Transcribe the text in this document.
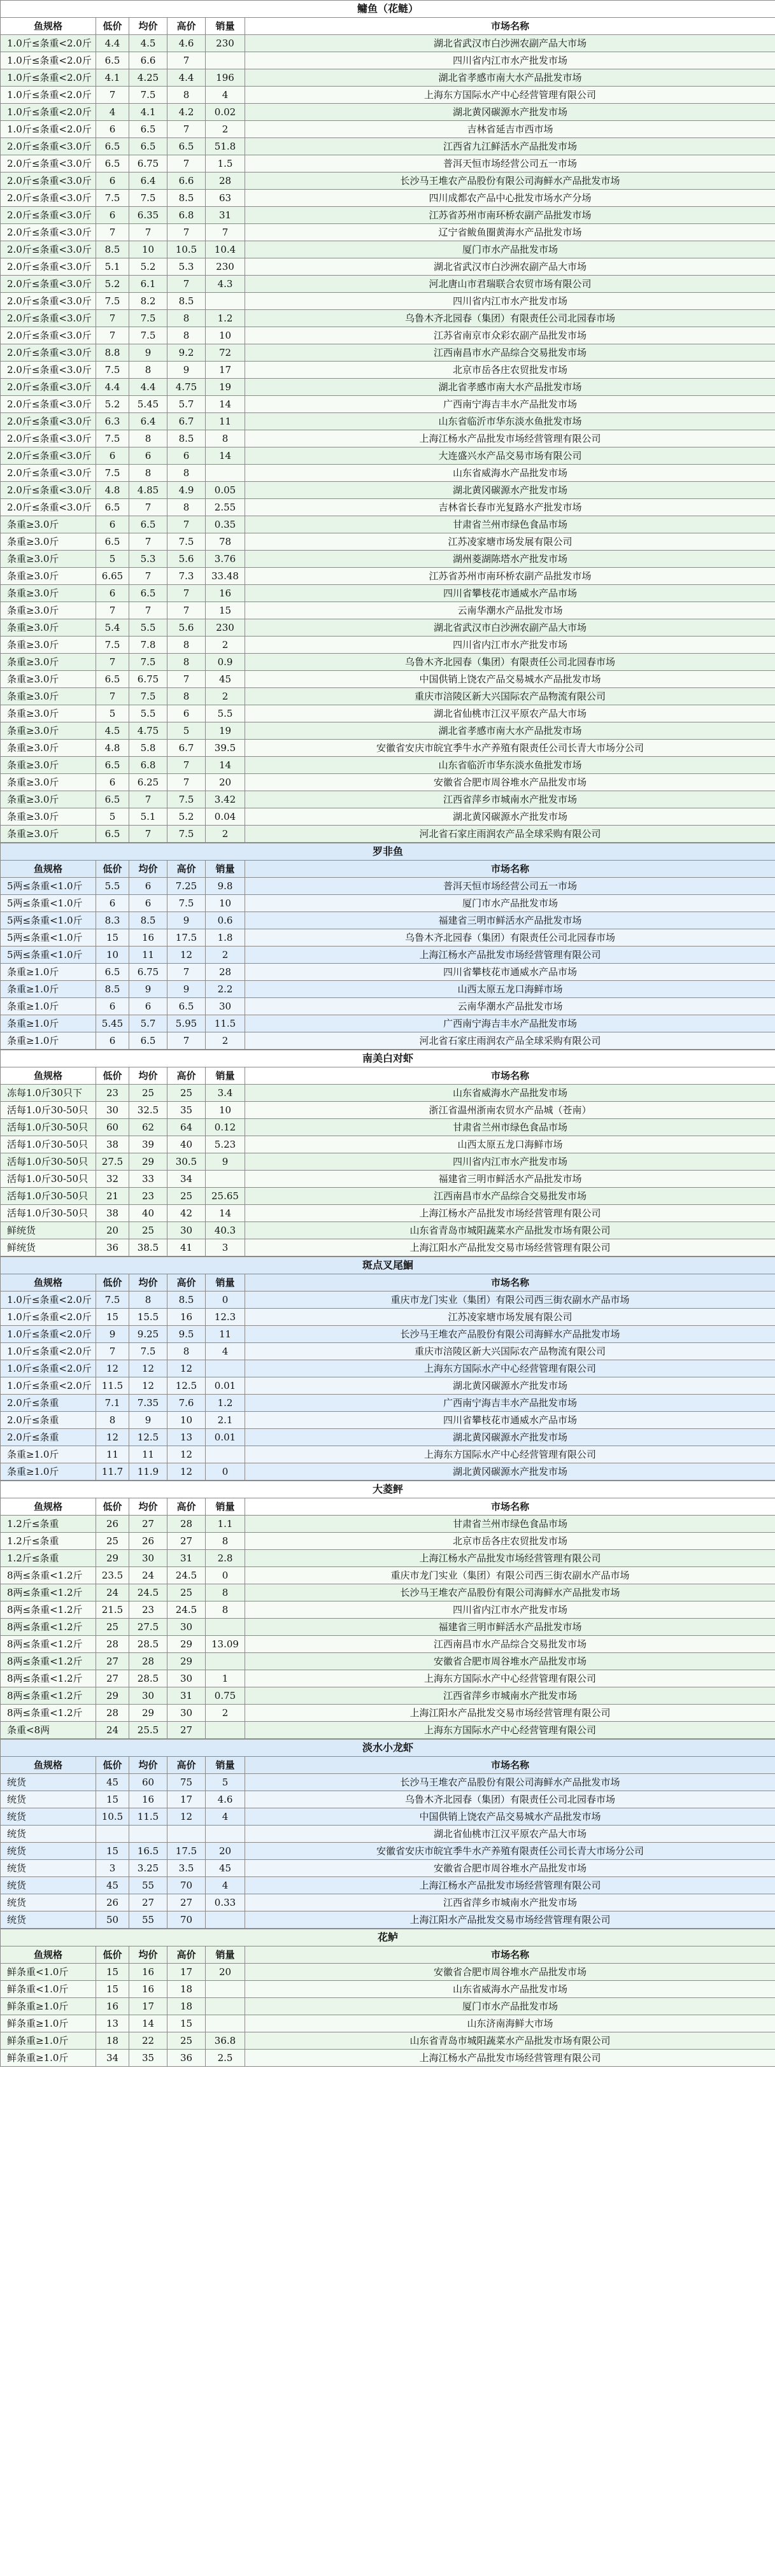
鳙鱼（花鲢）					
鱼规格	低价	均价	高价	销量	市场名称
1.0斤≤条重<2.0斤	4.4	4.5	4.6	230	湖北省武汉市白沙洲农副产品大市场
1.0斤≤条重<2.0斤	6.5	6.6	7		四川省内江市水产批发市场
1.0斤≤条重<2.0斤	4.1	4.25	4.4	196	湖北省孝感市南大水产品批发市场
1.0斤≤条重<2.0斤	7	7.5	8	4	上海东方国际水产中心经营管理有限公司
1.0斤≤条重<2.0斤	4	4.1	4.2	0.02	湖北黄冈碳源水产批发市场
1.0斤≤条重<2.0斤	6	6.5	7	2	吉林省延吉市西市场
2.0斤≤条重<3.0斤	6.5	6.5	6.5	51.8	江西省九江鲜活水产品批发市场
2.0斤≤条重<3.0斤	6.5	6.75	7	1.5	普洱天恒市场经营公司五一市场
2.0斤≤条重<3.0斤	6	6.4	6.6	28	长沙马王堆农产品股份有限公司海鲜水产品批发市场
2.0斤≤条重<3.0斤	7.5	7.5	8.5	63	四川成都农产品中心批发市场水产分场
2.0斤≤条重<3.0斤	6	6.35	6.8	31	江苏省苏州市南环桥农副产品批发市场
2.0斤≤条重<3.0斤	7	7	7	7	辽宁省鲅鱼圈黄海水产品批发市场
2.0斤≤条重<3.0斤	8.5	10	10.5	10.4	厦门市水产品批发市场
2.0斤≤条重<3.0斤	5.1	5.2	5.3	230	湖北省武汉市白沙洲农副产品大市场
2.0斤≤条重<3.0斤	5.2	6.1	7	4.3	河北唐山市君瑞联合农贸市场有限公司
2.0斤≤条重<3.0斤	7.5	8.2	8.5		四川省内江市水产批发市场
2.0斤≤条重<3.0斤	7	7.5	8	1.2	乌鲁木齐北园春（集团）有限责任公司北园春市场
2.0斤≤条重<3.0斤	7	7.5	8	10	江苏省南京市众彩农副产品批发市场
2.0斤≤条重<3.0斤	8.8	9	9.2	72	江西南昌市水产品综合交易批发市场
2.0斤≤条重<3.0斤	7.5	8	9	17	北京市岳各庄农贸批发市场
2.0斤≤条重<3.0斤	4.4	4.4	4.75	19	湖北省孝感市南大水产品批发市场
2.0斤≤条重<3.0斤	5.2	5.45	5.7	14	广西南宁海吉丰水产品批发市场
2.0斤≤条重<3.0斤	6.3	6.4	6.7	11	山东省临沂市华东淡水鱼批发市场
2.0斤≤条重<3.0斤	7.5	8	8.5	8	上海江杨水产品批发市场经营管理有限公司
2.0斤≤条重<3.0斤	6	6	6	14	大连盛兴水产品交易市场有限公司
2.0斤≤条重<3.0斤	7.5	8	8		山东省威海水产品批发市场
2.0斤≤条重<3.0斤	4.8	4.85	4.9	0.05	湖北黄冈碳源水产批发市场
2.0斤≤条重<3.0斤	6.5	7	8	2.55	吉林省长春市光复路水产批发市场
条重≥3.0斤	6	6.5	7	0.35	甘肃省兰州市绿色食品市场
条重≥3.0斤	6.5	7	7.5	78	江苏凌家塘市场发展有限公司
条重≥3.0斤	5	5.3	5.6	3.76	湖州菱湖陈塔水产批发市场
条重≥3.0斤	6.65	7	7.3	33.48	江苏省苏州市南环桥农副产品批发市场
条重≥3.0斤	6	6.5	7	16	四川省攀枝花市通威水产品市场
条重≥3.0斤	7	7	7	15	云南华潮水产品批发市场
条重≥3.0斤	5.4	5.5	5.6	230	湖北省武汉市白沙洲农副产品大市场
条重≥3.0斤	7.5	7.8	8	2	四川省内江市水产批发市场
条重≥3.0斤	7	7.5	8	0.9	乌鲁木齐北园春（集团）有限责任公司北园春市场
条重≥3.0斤	6.5	6.75	7	45	中国供销上饶农产品交易城水产品批发市场
条重≥3.0斤	7	7.5	8	2	重庆市涪陵区新大兴国际农产品物流有限公司
条重≥3.0斤	5	5.5	6	5.5	湖北省仙桃市江汉平原农产品大市场
条重≥3.0斤	4.5	4.75	5	19	湖北省孝感市南大水产品批发市场
条重≥3.0斤	4.8	5.8	6.7	39.5	安徽省安庆市皖宜季牛水产养殖有限责任公司长青大市场分公司
条重≥3.0斤	6.5	6.8	7	14	山东省临沂市华东淡水鱼批发市场
条重≥3.0斤	6	6.25	7	20	安徽省合肥市周谷堆水产品批发市场
条重≥3.0斤	6.5	7	7.5	3.42	江西省萍乡市城南水产批发市场
条重≥3.0斤	5	5.1	5.2	0.04	湖北黄冈碳源水产批发市场
条重≥3.0斤	6.5	7	7.5	2	河北省石家庄雨润农产品全球采购有限公司
罗非鱼					
鱼规格	低价	均价	高价	销量	市场名称
5两≤条重<1.0斤	5.5	6	7.25	9.8	普洱天恒市场经营公司五一市场
5两≤条重<1.0斤	6	6	7.5	10	厦门市水产品批发市场
5两≤条重<1.0斤	8.3	8.5	9	0.6	福建省三明市鲜活水产品批发市场
5两≤条重<1.0斤	15	16	17.5	1.8	乌鲁木齐北园春（集团）有限责任公司北园春市场
5两≤条重<1.0斤	10	11	12	2	上海江杨水产品批发市场经营管理有限公司
条重≥1.0斤	6.5	6.75	7	28	四川省攀枝花市通威水产品市场
条重≥1.0斤	8.5	9	9	2.2	山西太原五龙口海鲜市场
条重≥1.0斤	6	6	6.5	30	云南华潮水产品批发市场
条重≥1.0斤	5.45	5.7	5.95	11.5	广西南宁海吉丰水产品批发市场
条重≥1.0斤	6	6.5	7	2	河北省石家庄雨润农产品全球采购有限公司
南美白对虾					
鱼规格	低价	均价	高价	销量	市场名称
冻每1.0斤30只下	23	25	25	3.4	山东省威海水产品批发市场
活每1.0斤30-50只	30	32.5	35	10	浙江省温州浙南农贸水产品城（苍南）
活每1.0斤30-50只	60	62	64	0.12	甘肃省兰州市绿色食品市场
活每1.0斤30-50只	38	39	40	5.23	山西太原五龙口海鲜市场
活每1.0斤30-50只	27.5	29	30.5	9	四川省内江市水产批发市场
活每1.0斤30-50只	32	33	34		福建省三明市鲜活水产品批发市场
活每1.0斤30-50只	21	23	25	25.65	江西南昌市水产品综合交易批发市场
活每1.0斤30-50只	38	40	42	14	上海江杨水产品批发市场经营管理有限公司
鲜统货	20	25	30	40.3	山东省青岛市城阳蔬菜水产品批发市场有限公司
鲜统货	36	38.5	41	3	上海江阳水产品批发交易市场经营管理有限公司
斑点叉尾鮰					
鱼规格	低价	均价	高价	销量	市场名称
1.0斤≤条重<2.0斤	7.5	8	8.5	0	重庆市龙门实业（集团）有限公司西三街农副水产品市场
1.0斤≤条重<2.0斤	15	15.5	16	12.3	江苏凌家塘市场发展有限公司
1.0斤≤条重<2.0斤	9	9.25	9.5	11	长沙马王堆农产品股份有限公司海鲜水产品批发市场
1.0斤≤条重<2.0斤	7	7.5	8	4	重庆市涪陵区新大兴国际农产品物流有限公司
1.0斤≤条重<2.0斤	12	12	12		上海东方国际水产中心经营管理有限公司
1.0斤≤条重<2.0斤	11.5	12	12.5	0.01	湖北黄冈碳源水产批发市场
2.0斤≤条重	7.1	7.35	7.6	1.2	广西南宁海吉丰水产品批发市场
2.0斤≤条重	8	9	10	2.1	四川省攀枝花市通威水产品市场
2.0斤≤条重	12	12.5	13	0.01	湖北黄冈碳源水产批发市场
条重≥1.0斤	11	11	12		上海东方国际水产中心经营管理有限公司
条重≥1.0斤	11.7	11.9	12	0	湖北黄冈碳源水产批发市场
大菱鲆					
鱼规格	低价	均价	高价	销量	市场名称
1.2斤≤条重	26	27	28	1.1	甘肃省兰州市绿色食品市场
1.2斤≤条重	25	26	27	8	北京市岳各庄农贸批发市场
1.2斤≤条重	29	30	31	2.8	上海江杨水产品批发市场经营管理有限公司
8两≤条重<1.2斤	23.5	24	24.5	0	重庆市龙门实业（集团）有限公司西三街农副水产品市场
8两≤条重<1.2斤	24	24.5	25	8	长沙马王堆农产品股份有限公司海鲜水产品批发市场
8两≤条重<1.2斤	21.5	23	24.5	8	四川省内江市水产批发市场
8两≤条重<1.2斤	25	27.5	30		福建省三明市鲜活水产品批发市场
8两≤条重<1.2斤	28	28.5	29	13.09	江西南昌市水产品综合交易批发市场
8两≤条重<1.2斤	27	28	29		安徽省合肥市周谷堆水产品批发市场
8两≤条重<1.2斤	27	28.5	30	1	上海东方国际水产中心经营管理有限公司
8两≤条重<1.2斤	29	30	31	0.75	江西省萍乡市城南水产批发市场
8两≤条重<1.2斤	28	29	30	2	上海江阳水产品批发交易市场经营管理有限公司
条重<8两	24	25.5	27		上海东方国际水产中心经营管理有限公司
淡水小龙虾					
鱼规格	低价	均价	高价	销量	市场名称
统货	45	60	75	5	长沙马王堆农产品股份有限公司海鲜水产品批发市场
统货	15	16	17	4.6	乌鲁木齐北园春（集团）有限责任公司北园春市场
统货	10.5	11.5	12	4	中国供销上饶农产品交易城水产品批发市场
统货					湖北省仙桃市江汉平原农产品大市场
统货	15	16.5	17.5	20	安徽省安庆市皖宜季牛水产养殖有限责任公司长青大市场分公司
统货	3	3.25	3.5	45	安徽省合肥市周谷堆水产品批发市场
统货	45	55	70	4	上海江杨水产品批发市场经营管理有限公司
统货	26	27	27	0.33	江西省萍乡市城南水产批发市场
统货	50	55	70		上海江阳水产品批发交易市场经营管理有限公司
花鲈					
鱼规格	低价	均价	高价	销量	市场名称
鲜条重<1.0斤	15	16	17	20	安徽省合肥市周谷堆水产品批发市场
鲜条重<1.0斤	15	16	18		山东省威海水产品批发市场
鲜条重≥1.0斤	16	17	18		厦门市水产品批发市场
鲜条重≥1.0斤	13	14	15		山东济南海鲜大市场
鲜条重≥1.0斤	18	22	25	36.8	山东省青岛市城阳蔬菜水产品批发市场有限公司
鲜条重≥1.0斤	34	35	36	2.5	上海江杨水产品批发市场经营管理有限公司
